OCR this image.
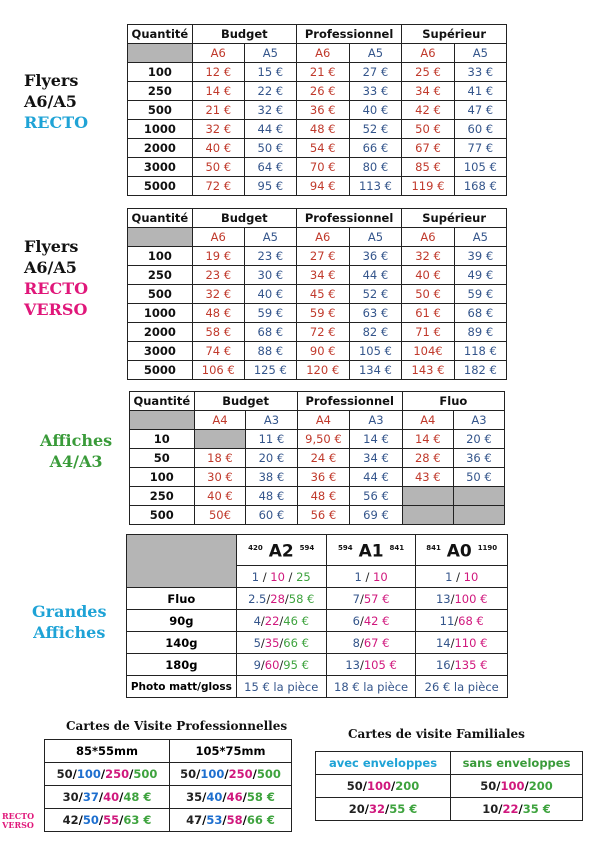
Flyers
A6/A5
RECTO
Flyers
A6/A5
RECTO
VERSO
Affiches
A4/A3
Grandes
Affiches
Quantité	Budget		Professionnel		Supérieur	
	A6	A5	A6	A5	A6	A5
100	12 €	15 €	21 €	27 €	25 €	33 €
250	14 €	22 €	26 €	33 €	34 €	41 €
500	21 €	32 €	36 €	40 €	42 €	47 €
1000	32 €	44 €	48 €	52 €	50 €	60 €
2000	40 €	50 €	54 €	66 €	67 €	77 €
3000	50 €	64 €	70 €	80 €	85 €	105 €
5000	72 €	95 €	94 €	113 €	119 €	168 €
Quantité	Budget		Professionnel		Supérieur	
	A6	A5	A6	A5	A6	A5
100	19 €	23 €	27 €	36 €	32 €	39 €
250	23 €	30 €	34 €	44 €	40 €	49 €
500	32 €	40 €	45 €	52 €	50 €	59 €
1000	48 €	59 €	59 €	63 €	61 €	68 €
2000	58 €	68 €	72 €	82 €	71 €	89 €
3000	74 €	88 €	90 €	105 €	104€	118 €
5000	106 €	125 €	120 €	134 €	143 €	182 €
Quantité	Budget		Professionnel		Fluo	
	A4	A3	A4	A3	A4	A3
10		11 €	9,50 €	14 €	14 €	20 €
50	18 €	20 €	24 €	34 €	28 €	36 €
100	30 €	38 €	36 €	44 €	43 €	50 €
250	40 €	48 €	48 €	56 €		
500	50€	60 €	56 €	69 €		
	$^{420}$ A2 $^{594}$	$^{594}$ A1 $^{841}$	$^{841}$ A0 $^{1190}$
	1 / 10 / 25	1 / 10	1 / 10
Fluo	2.5/28/58 €	7/57 €	13/100 €
90g	4/22/46 €	6/42 €	11/68 €
140g	5/35/66 €	8/67 €	14/110 €
180g	9/60/95 €	13/105 €	16/135 €
Photo matt/gloss	15 € la pièce	18 € la pièce	26 € la pièce
Cartes de Visite Professionnelles
85*55mm	105*75mm
50/100/250/500	50/100/250/500
30/37/40/48 €	35/40/46/58 €
42/50/55/63 €	47/53/58/66 €
RECTO
VERSO
Cartes de visite Familiales
avec enveloppes	sans enveloppes
50/100/200	50/100/200
20/32/55 €	10/22/35 €
